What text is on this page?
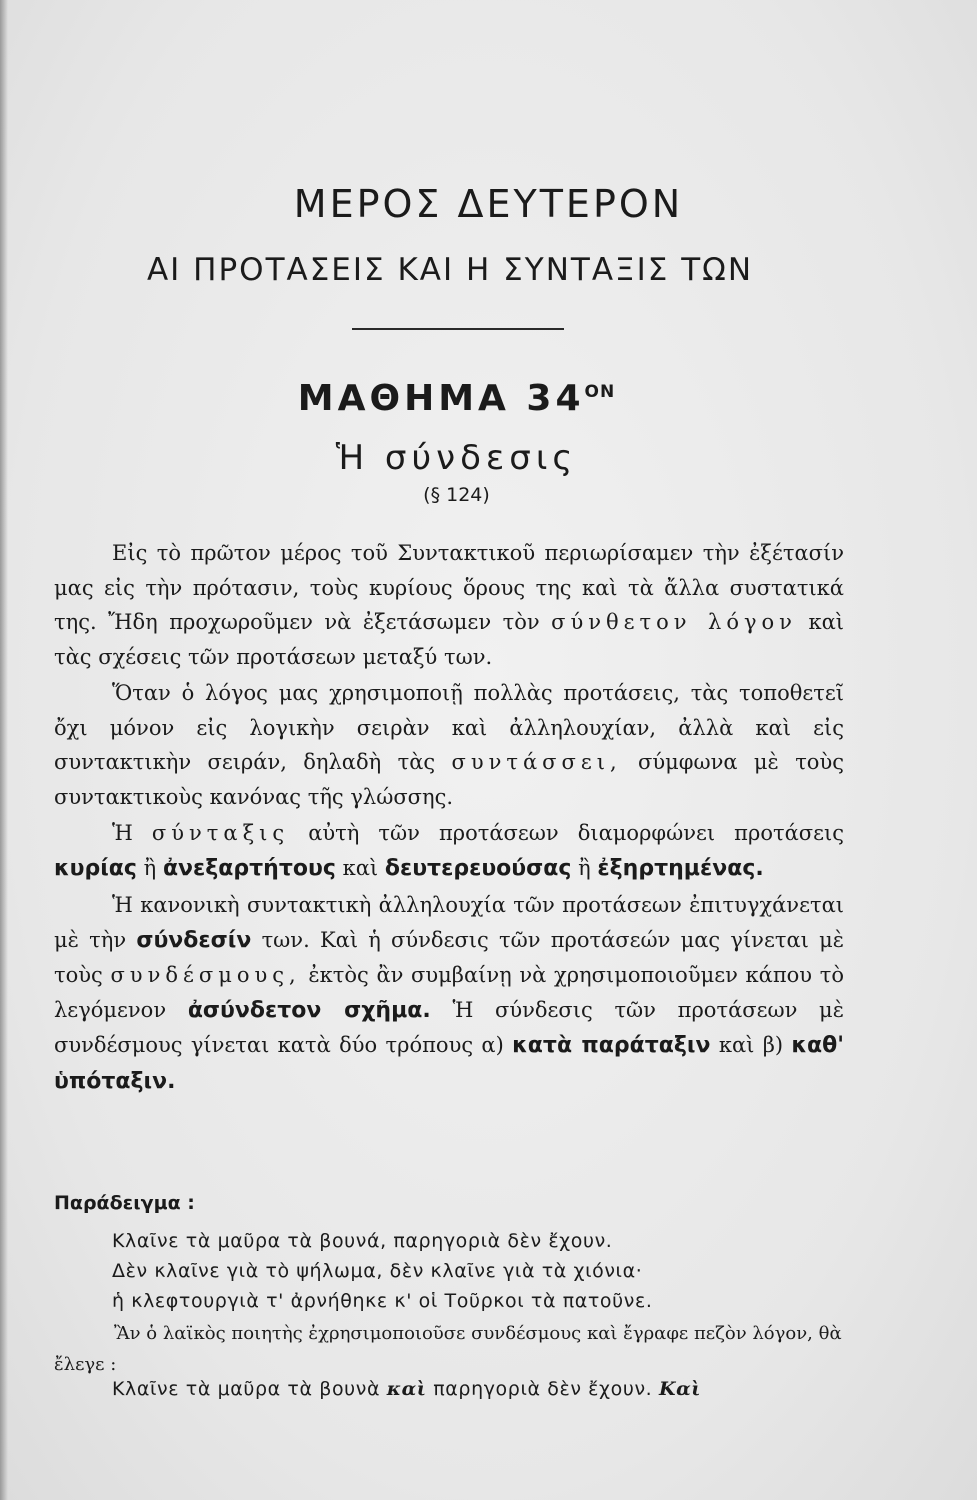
ΜΕΡΟΣ ΔΕΥΤΕΡΟΝ
ΑΙ ΠΡΟΤΑΣΕΙΣ ΚΑΙ Η ΣΥΝΤΑΞΙΣ ΤΩΝ
ΜΑΘΗΜΑ $34^{ON}$
Ἡ σύνδεσις
(§ 124)

Εἰς τὸ πρῶτον μέρος τοῦ Συντακτικοῦ περιωρίσαμεν τὴν ἐξέτασίν μας εἰς τὴν πρότασιν, τοὺς κυρίους ὅρους της καὶ τὰ ἄλλα συστατικά της. Ἤδη προχωροῦμεν νὰ ἐξετάσωμεν τὸν σύνθετον λόγον καὶ τὰς σχέσεις τῶν προτάσεων μεταξύ των.

Ὅταν ὁ λόγος μας χρησιμοποιῇ πολλὰς προτάσεις, τὰς τοποθετεῖ ὄχι μόνον εἰς λογικὴν σειρὰν καὶ ἀλληλουχίαν, ἀλλὰ καὶ εἰς συντακτικὴν σειράν, δηλαδὴ τὰς συντάσσει, σύμφωνα μὲ τοὺς συντακτικοὺς κανόνας τῆς γλώσσης.

Ἡ σύνταξις αὐτὴ τῶν προτάσεων διαμορφώνει προτάσεις κυρίας ἢ ἀνεξαρτήτους καὶ δευτερευούσας ἢ ἐξηρτημένας.

Ἡ κανονικὴ συντακτικὴ ἀλληλουχία τῶν προτάσεων ἐπιτυγχάνεται μὲ τὴν σύνδεσίν των. Καὶ ἡ σύνδεσις τῶν προτάσεών μας γίνεται μὲ τοὺς συνδέσμους, ἐκτὸς ἂν συμβαίνῃ νὰ χρησιμοποιοῦμεν κάπου τὸ λεγόμενον ἀσύνδετον σχῆμα. Ἡ σύνδεσις τῶν προτάσεων μὲ συνδέσμους γίνεται κατὰ δύο τρόπους α) κατὰ παράταξιν καὶ β) καθ' ὑπόταξιν.

Παράδειγμα :
Κλαῖνε τὰ μαῦρα τὰ βουνά, παρηγοριὰ δὲν ἔχουν.
Δὲν κλαῖνε γιὰ τὸ ψήλωμα, δὲν κλαῖνε γιὰ τὰ χιόνια·
ἡ κλεφτουργιὰ τ' ἀρνήθηκε κ' οἱ Τοῦρκοι τὰ πατοῦνε.

Ἂν ὁ λαϊκὸς ποιητὴς ἐχρησιμοποιοῦσε συνδέσμους καὶ ἔγραφε πεζὸν λόγον, θὰ ἔλεγε :

Κλαῖνε τὰ μαῦρα τὰ βουνὰ καὶ παρηγοριὰ δὲν ἔχουν. Καὶ
